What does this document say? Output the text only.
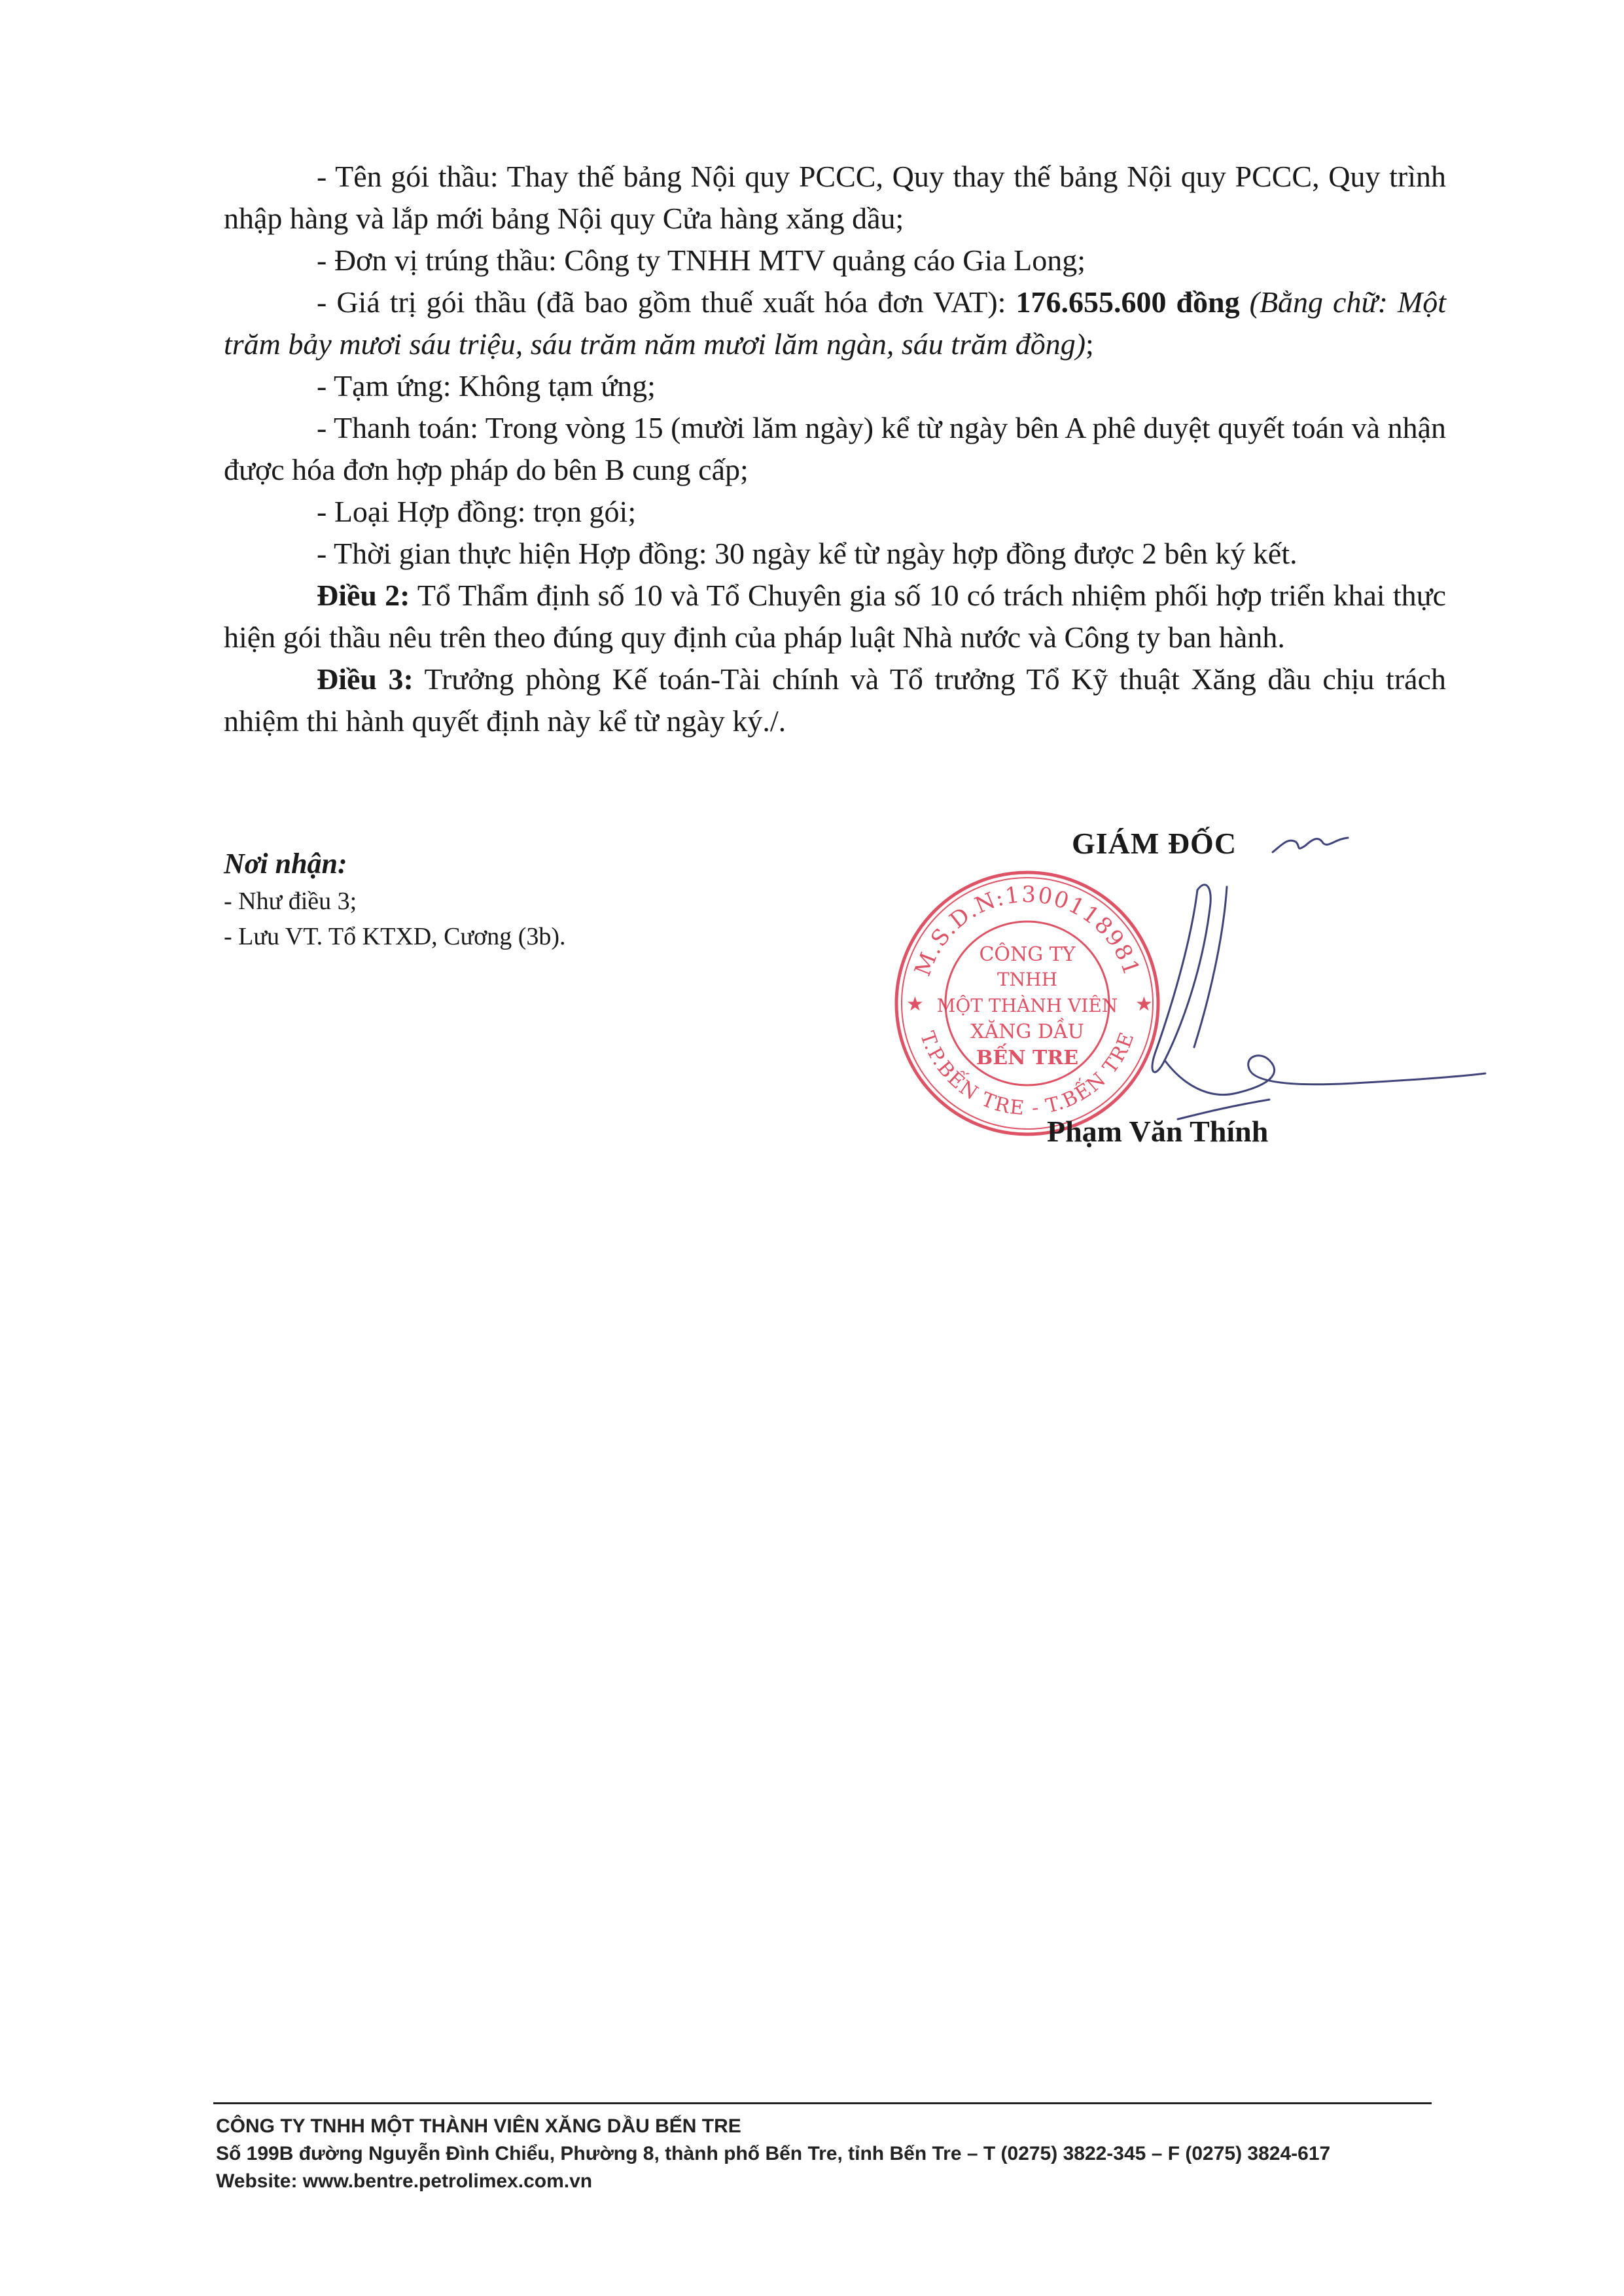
- Tên gói thầu: Thay thế bảng Nội quy PCCC, Quy thay thế bảng Nội quy PCCC, Quy trình nhập hàng và lắp mới bảng Nội quy Cửa hàng xăng dầu;

- Đơn vị trúng thầu: Công ty TNHH MTV quảng cáo Gia Long;

- Giá trị gói thầu (đã bao gồm thuế xuất hóa đơn VAT): 176.655.600 đồng (Bằng chữ: Một trăm bảy mươi sáu triệu, sáu trăm năm mươi lăm ngàn, sáu trăm đồng);

- Tạm ứng: Không tạm ứng;

- Thanh toán: Trong vòng 15 (mười lăm ngày) kể từ ngày bên A phê duyệt quyết toán và nhận được hóa đơn hợp pháp do bên B cung cấp;

- Loại Hợp đồng: trọn gói;

- Thời gian thực hiện Hợp đồng: 30 ngày kể từ ngày hợp đồng được 2 bên ký kết.

Điều 2: Tổ Thẩm định số 10 và Tổ Chuyên gia số 10 có trách nhiệm phối hợp triển khai thực hiện gói thầu nêu trên theo đúng quy định của pháp luật Nhà nước và Công ty ban hành.

Điều 3: Trưởng phòng Kế toán-Tài chính và Tổ trưởng Tổ Kỹ thuật Xăng dầu chịu trách nhiệm thi hành quyết định này kể từ ngày ký./.

Nơi nhận:
- Như điều 3;
- Lưu VT. Tổ KTXD, Cương (3b).
M.S.D.N:1300118981
T.P.BẾN TRE - T.BẾN TRE
★	★
CÔNG TY
TNHH
MỘT THÀNH VIÊN
XĂNG DẦU
BẾN TRE
GIÁM ĐỐC
Phạm Văn Thính
CÔNG TY TNHH MỘT THÀNH VIÊN XĂNG DẦU BẾN TRE
Số 199B đường Nguyễn Đình Chiểu, Phường 8, thành phố Bến Tre, tỉnh Bến Tre – T (0275) 3822-345 – F (0275) 3824-617
Website: www.bentre.petrolimex.com.vn
